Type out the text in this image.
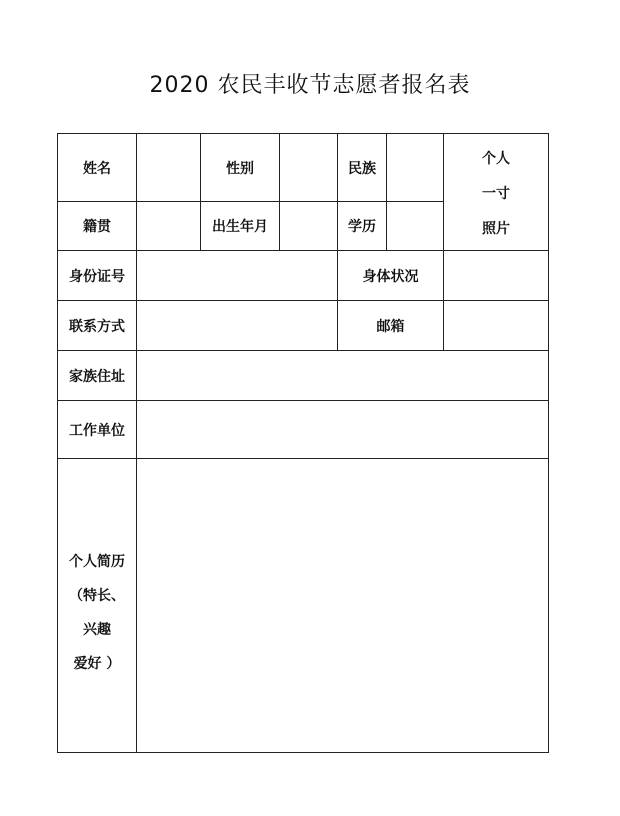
2020 农民丰收节志愿者报名表
姓名	性别	民族
籍贯	出生年月	学历
个人
一寸
照片
身份证号	身体状况
联系方式	邮箱
家族住址
工作单位
个人简历
（特长、
兴趣
爱好 ）
